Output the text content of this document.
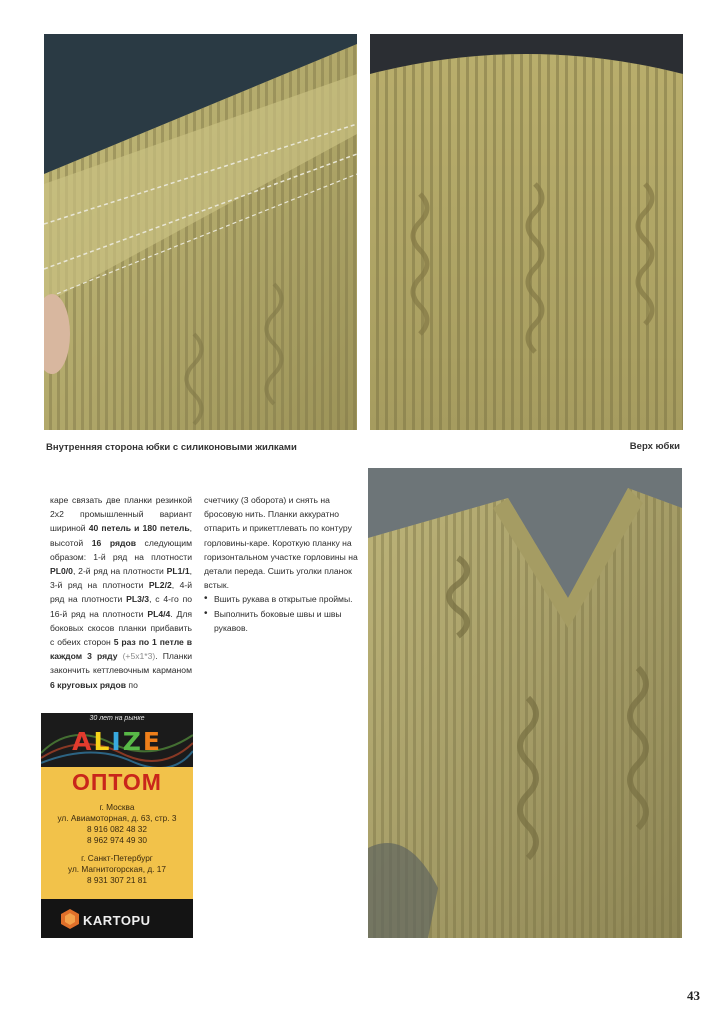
Внутренняя сторона юбки с силиконовыми жилками	Верх юбки

каре связать две планки резинкой 2х2 промышленный вариант шириной 40 петель и 180 петель, высотой 16 рядов следующим образом: 1-й ряд на плотности PL0/0, 2-й ряд на плотности PL1/1, 3-й ряд на плотности PL2/2, 4-й ряд на плотности PL3/3, с 4-го по 16-й ряд на плотности PL4/4. Для боковых скосов планки прибавить с обеих сторон 5 раз по 1 петле в каждом 3 ряду (+5х1*3). Планки закончить кеттлевочным карманом 6 круговых рядов по

счетчику (3 оборота) и снять на бросовую нить. Планки аккуратно отпарить и прикеттлевать по контуру горловины-каре. Короткую планку на горизонтальном участке горловины на детали переда. Сшить уголки планок встык.

• Вшить рукава в открытые проймы.
• Выполнить боковые швы и швы рукавов.
30 лет на рынке
ALIZE
ОПТОМ
г. Москва
ул. Авиамоторная, д. 63, стр. 3
8 916 082 48 32
8 962 974 49 30
г. Санкт-Петербург
ул. Магнитогорская, д. 17
8 931 307 21 81
KARTOPU
43
